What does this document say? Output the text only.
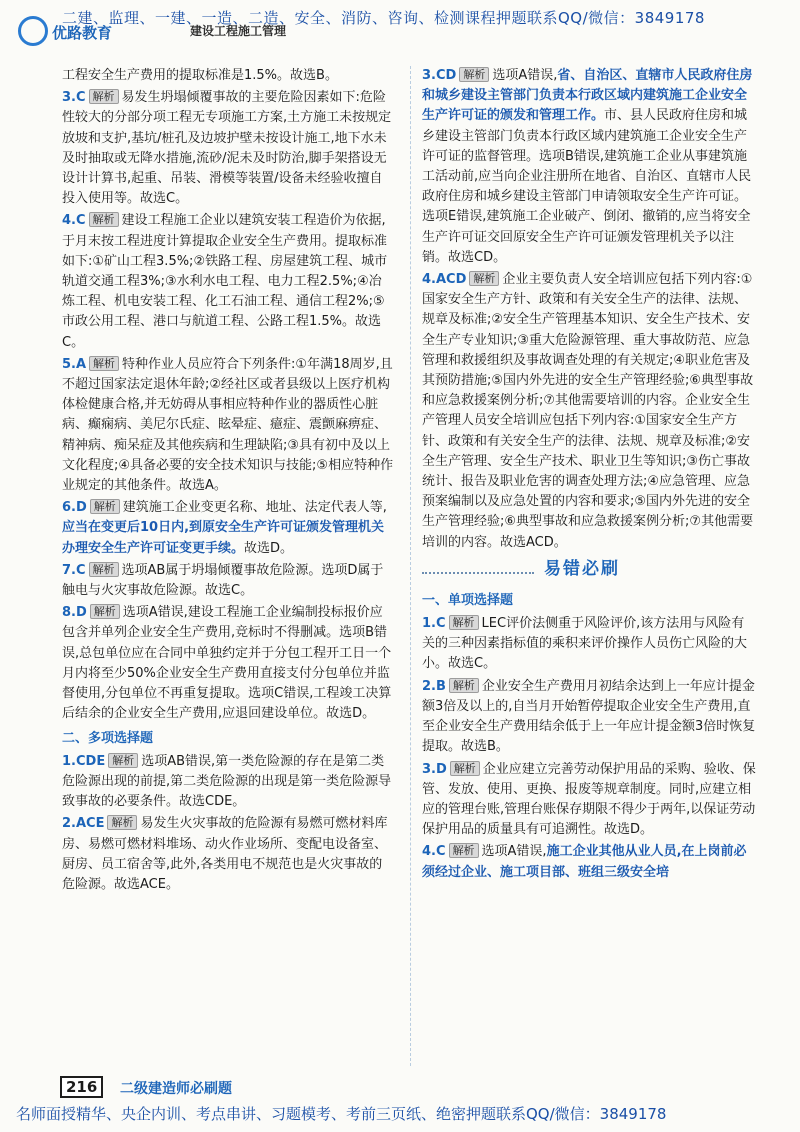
二建、监理、一建、一造、二造、安全、消防、咨询、检测课程押题联系QQ/微信：3849178
优路教育	建设工程施工管理
工程安全生产费用的提取标准是1.5%。故选B。
3.C 解析 易发生坍塌倾覆事故的主要危险因素如下:危险性较大的分部分项工程无专项施工方案,土方施工未按规定放坡和支护,基坑/桩孔及边坡护壁未按设计施工,地下水未及时抽取或无降水措施,流砂/泥未及时防治,脚手架搭设无设计计算书,起重、吊装、滑模等装置/设备未经验收擅自投入使用等。故选C。
4.C 解析 建设工程施工企业以建筑安装工程造价为依据,于月末按工程进度计算提取企业安全生产费用。提取标准如下:①矿山工程3.5%;②铁路工程、房屋建筑工程、城市轨道交通工程3%;③水利水电工程、电力工程2.5%;④冶炼工程、机电安装工程、化工石油工程、通信工程2%;⑤市政公用工程、港口与航道工程、公路工程1.5%。故选C。
5.A 解析 特种作业人员应符合下列条件:①年满18周岁,且不超过国家法定退休年龄;②经社区或者县级以上医疗机构体检健康合格,并无妨碍从事相应特种作业的器质性心脏病、癫痫病、美尼尔氏症、眩晕症、癔症、震颤麻痹症、精神病、痴呆症及其他疾病和生理缺陷;③具有初中及以上文化程度;④具备必要的安全技术知识与技能;⑤相应特种作业规定的其他条件。故选A。
6.D 解析 建筑施工企业变更名称、地址、法定代表人等,应当在变更后10日内,到原安全生产许可证颁发管理机关办理安全生产许可证变更手续。故选D。
7.C 解析 选项AB属于坍塌倾覆事故危险源。选项D属于触电与火灾事故危险源。故选C。
8.D 解析 选项A错误,建设工程施工企业编制投标报价应包含并单列企业安全生产费用,竞标时不得删减。选项B错误,总包单位应在合同中单独约定并于分包工程开工日一个月内将至少50%企业安全生产费用直接支付分包单位并监督使用,分包单位不再重复提取。选项C错误,工程竣工决算后结余的企业安全生产费用,应退回建设单位。故选D。
二、多项选择题
1.CDE 解析 选项AB错误,第一类危险源的存在是第二类危险源出现的前提,第二类危险源的出现是第一类危险源导致事故的必要条件。故选CDE。
2.ACE 解析 易发生火灾事故的危险源有易燃可燃材料库房、易燃可燃材料堆场、动火作业场所、变配电设备室、厨房、员工宿舍等,此外,各类用电不规范也是火灾事故的危险源。故选ACE。
3.CD 解析 选项A错误,省、自治区、直辖市人民政府住房和城乡建设主管部门负责本行政区域内建筑施工企业安全生产许可证的颁发和管理工作。市、县人民政府住房和城乡建设主管部门负责本行政区域内建筑施工企业安全生产许可证的监督管理。选项B错误,建筑施工企业从事建筑施工活动前,应当向企业注册所在地省、自治区、直辖市人民政府住房和城乡建设主管部门申请领取安全生产许可证。选项E错误,建筑施工企业破产、倒闭、撤销的,应当将安全生产许可证交回原安全生产许可证颁发管理机关予以注销。故选CD。
4.ACD 解析 企业主要负责人安全培训应包括下列内容:①国家安全生产方针、政策和有关安全生产的法律、法规、规章及标准;②安全生产管理基本知识、安全生产技术、安全生产专业知识;③重大危险源管理、重大事故防范、应急管理和救援组织及事故调查处理的有关规定;④职业危害及其预防措施;⑤国内外先进的安全生产管理经验;⑥典型事故和应急救援案例分析;⑦其他需要培训的内容。企业安全生产管理人员安全培训应包括下列内容:①国家安全生产方针、政策和有关安全生产的法律、法规、规章及标准;②安全生产管理、安全生产技术、职业卫生等知识;③伤亡事故统计、报告及职业危害的调查处理方法;④应急管理、应急预案编制以及应急处置的内容和要求;⑤国内外先进的安全生产管理经验;⑥典型事故和应急救援案例分析;⑦其他需要培训的内容。故选ACD。
易错必刷
一、单项选择题
1.C 解析 LEC评价法侧重于风险评价,该方法用与风险有关的三种因素指标值的乘积来评价操作人员伤亡风险的大小。故选C。
2.B 解析 企业安全生产费用月初结余达到上一年应计提金额3倍及以上的,自当月开始暂停提取企业安全生产费用,直至企业安全生产费用结余低于上一年应计提金额3倍时恢复提取。故选B。
3.D 解析 企业应建立完善劳动保护用品的采购、验收、保管、发放、使用、更换、报废等规章制度。同时,应建立相应的管理台账,管理台账保存期限不得少于两年,以保证劳动保护用品的质量具有可追溯性。故选D。
4.C 解析 选项A错误,施工企业其他从业人员,在上岗前必须经过企业、施工项目部、班组三级安全培
216	二级建造师必刷题
名师面授精华、央企内训、考点串讲、习题模考、考前三页纸、绝密押题联系QQ/微信：3849178
